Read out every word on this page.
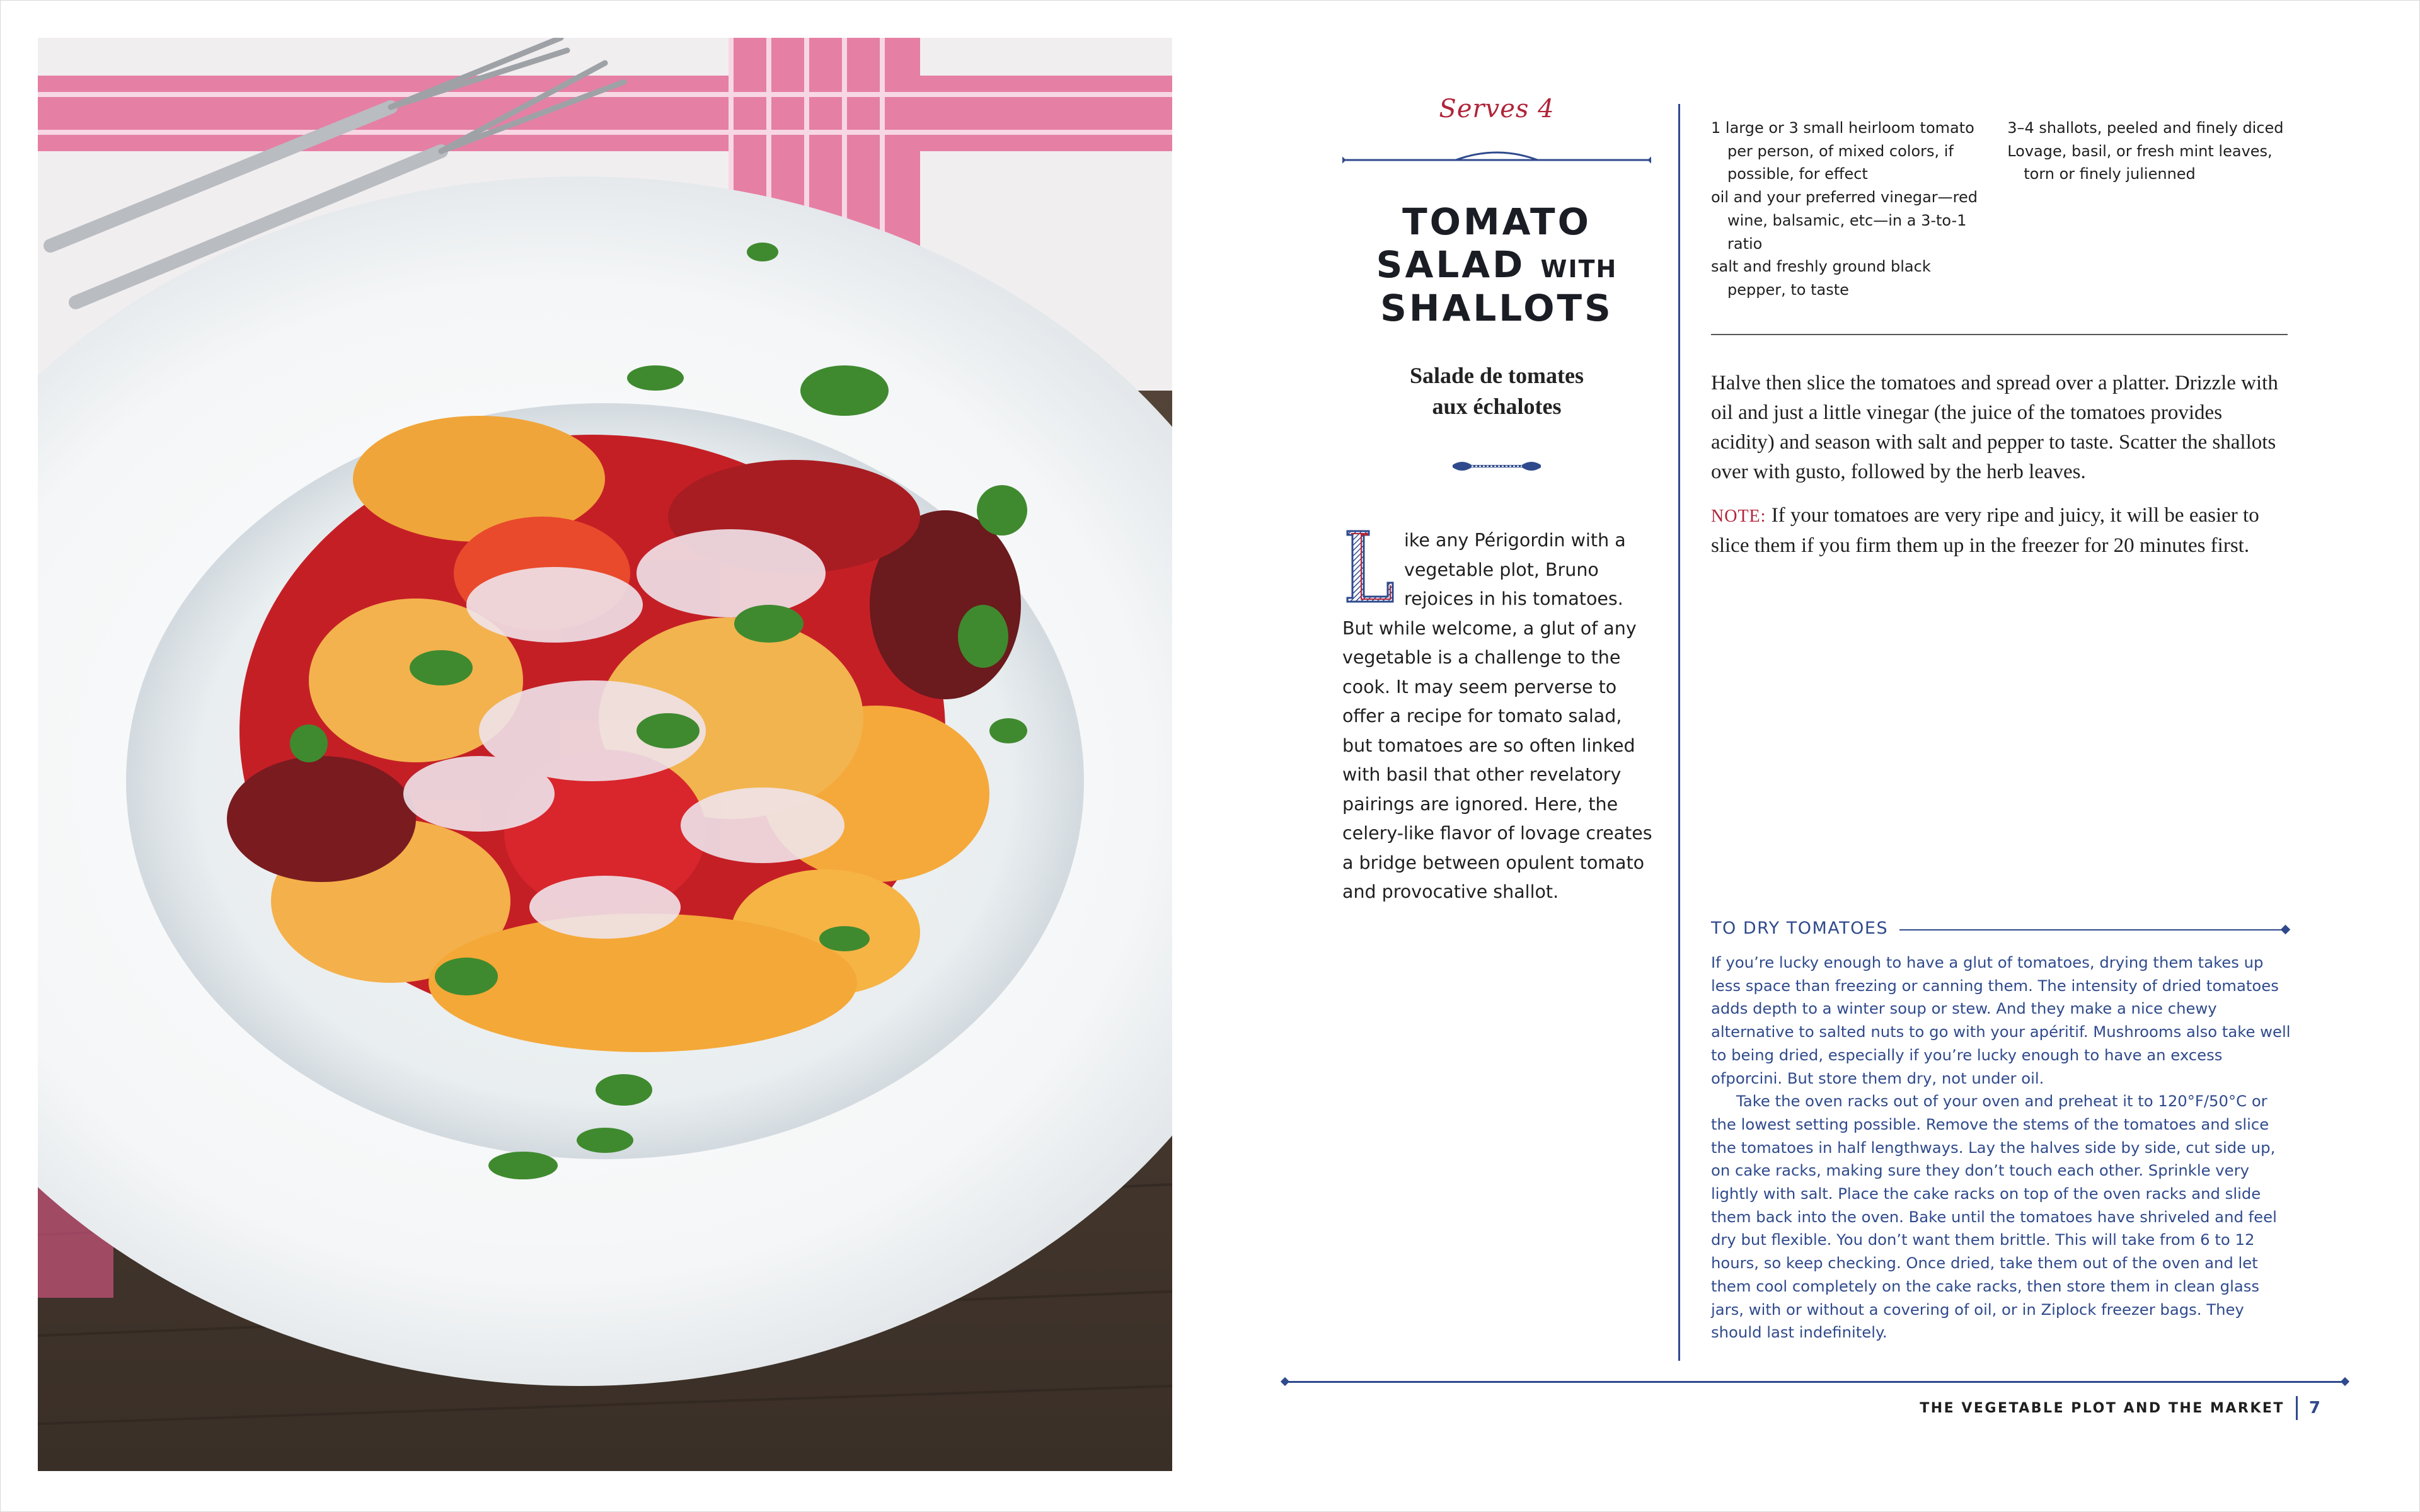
Serves 4
TOMATO
SALAD WITH
SHALLOTS
Salade de tomates
aux échalotes
ike any Périgordin with a vegetable plot, Bruno rejoices in his tomatoes. But while welcome, a glut of any vegetable is a challenge to the cook. It may seem perverse to offer a recipe for tomato salad, but tomatoes are so often linked with basil that other revelatory pairings are ignored. Here, the celery-like flavor of lovage creates a bridge between opulent tomato and provocative shallot.
1 large or 3 small heirloom tomato per person, of mixed colors, if possible, for effect
oil and your preferred vinegar—red wine, balsamic, etc—in a 3-to-1 ratio
salt and freshly ground black pepper, to taste
3–4 shallots, peeled and finely diced
Lovage, basil, or fresh mint leaves, torn or finely julienned

Halve then slice the tomatoes and spread over a platter. Drizzle with oil and just a little vinegar (the juice of the tomatoes provides acidity) and season with salt and pepper to taste. Scatter the shallots over with gusto, followed by the herb leaves.

NOTE: If your tomatoes are very ripe and juicy, it will be easier to slice them if you firm them up in the freezer for 20 minutes first.

TO DRY TOMATOES

If you’re lucky enough to have a glut of tomatoes, drying them takes up less space than freezing or canning them. The intensity of dried tomatoes adds depth to a winter soup or stew. And they make a nice chewy alternative to salted nuts to go with your apéritif. Mushrooms also take well to being dried, especially if you’re lucky enough to have an excess ofporcini. But store them dry, not under oil.

Take the oven racks out of your oven and preheat it to 120°F/50°C or the lowest setting possible. Remove the stems of the tomatoes and slice the tomatoes in half lengthways. Lay the halves side by side, cut side up, on cake racks, making sure they don’t touch each other. Sprinkle very lightly with salt. Place the cake racks on top of the oven racks and slide them back into the oven. Bake until the tomatoes have shriveled and feel dry but flexible. You don’t want them brittle. This will take from 6 to 12 hours, so keep checking. Once dried, take them out of the oven and let them cool completely on the cake racks, then store them in clean glass jars, with or without a covering of oil, or in Ziplock freezer bags. They should last indefinitely.

THE VEGETABLE PLOT AND THE MARKET 7
